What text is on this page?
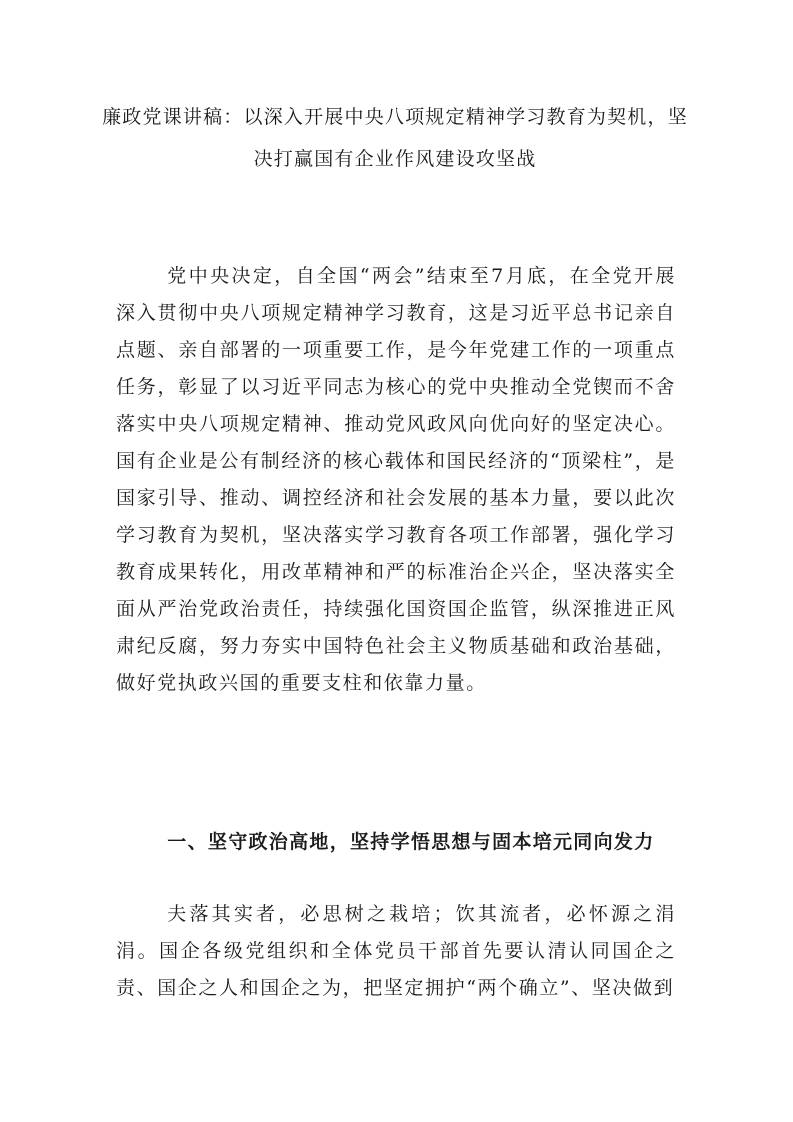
廉政党课讲稿：以深入开展中央八项规定精神学习教育为契机，坚决打赢国有企业作风建设攻坚战

党中央决定，自全国“两会”结束至7月底，在全党开展深入贯彻中央八项规定精神学习教育，这是习近平总书记亲自点题、亲自部署的一项重要工作，是今年党建工作的一项重点任务，彰显了以习近平同志为核心的党中央推动全党锲而不舍落实中央八项规定精神、推动党风政风向优向好的坚定决心。国有企业是公有制经济的核心载体和国民经济的“顶梁柱”，是国家引导、推动、调控经济和社会发展的基本力量，要以此次学习教育为契机，坚决落实学习教育各项工作部署，强化学习教育成果转化，用改革精神和严的标准治企兴企，坚决落实全面从严治党政治责任，持续强化国资国企监管，纵深推进正风肃纪反腐，努力夯实中国特色社会主义物质基础和政治基础，做好党执政兴国的重要支柱和依靠力量。

一、坚守政治高地，坚持学悟思想与固本培元同向发力

夫落其实者，必思树之栽培；饮其流者，必怀源之涓涓。国企各级党组织和全体党员干部首先要认清认同国企之责、国企之人和国企之为，把坚定拥护“两个确立”、坚决做到
